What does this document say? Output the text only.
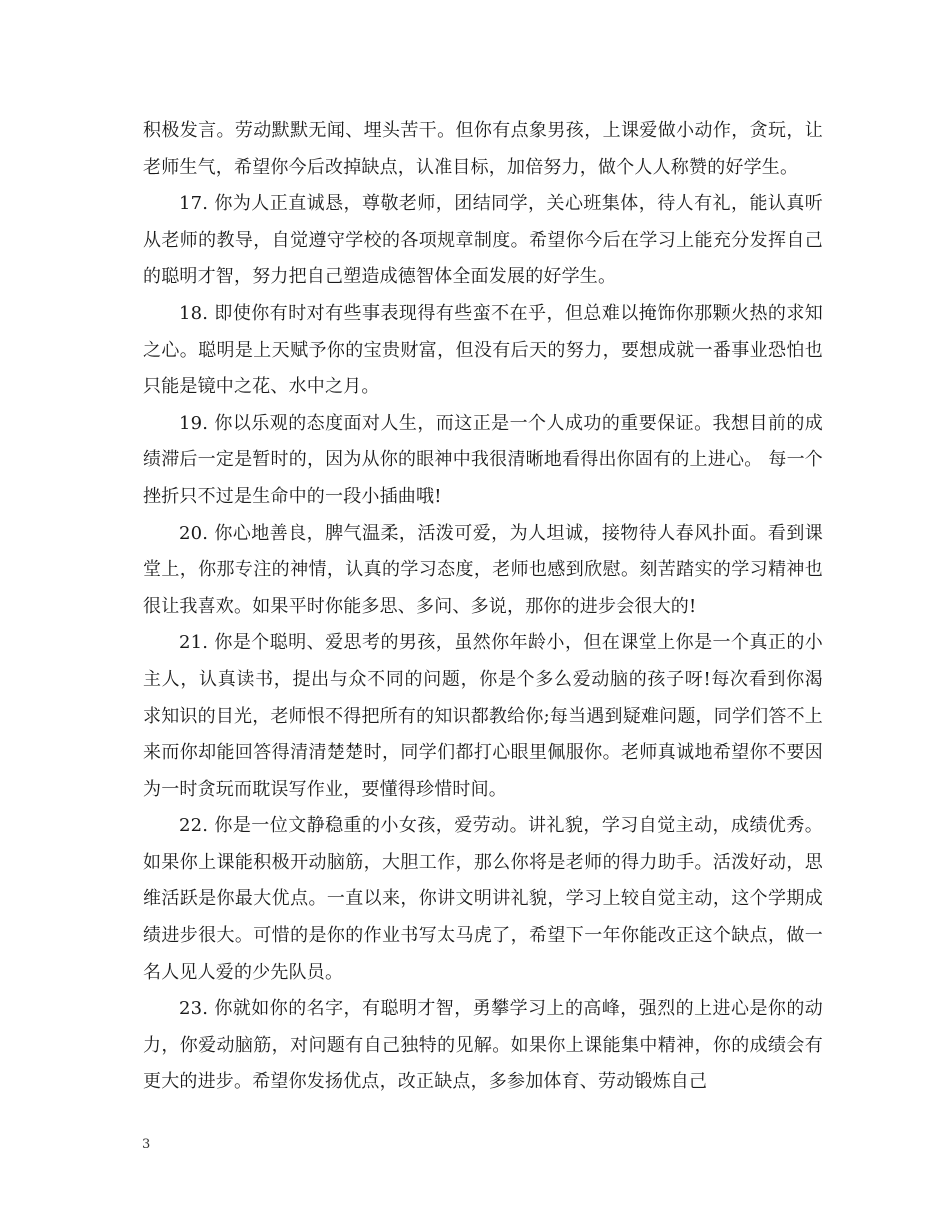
积极发言。劳动默默无闻、埋头苦干。但你有点象男孩，上课爱做小动作，贪玩，让老师生气，希望你今后改掉缺点，认准目标，加倍努力，做个人人称赞的好学生。

17. 你为人正直诚恳，尊敬老师，团结同学，关心班集体，待人有礼，能认真听从老师的教导，自觉遵守学校的各项规章制度。希望你今后在学习上能充分发挥自己的聪明才智，努力把自己塑造成德智体全面发展的好学生。

18. 即使你有时对有些事表现得有些蛮不在乎，但总难以掩饰你那颗火热的求知之心。聪明是上天赋予你的宝贵财富，但没有后天的努力，要想成就一番事业恐怕也只能是镜中之花、水中之月。

19. 你以乐观的态度面对人生，而这正是一个人成功的重要保证。我想目前的成绩滞后一定是暂时的，因为从你的眼神中我很清晰地看得出你固有的上进心。 每一个挫折只不过是生命中的一段小插曲哦!

20. 你心地善良，脾气温柔，活泼可爱，为人坦诚，接物待人春风扑面。看到课堂上，你那专注的神情，认真的学习态度，老师也感到欣慰。刻苦踏实的学习精神也很让我喜欢。如果平时你能多思、多问、多说，那你的进步会很大的!

21. 你是个聪明、爱思考的男孩，虽然你年龄小，但在课堂上你是一个真正的小主人，认真读书，提出与众不同的问题，你是个多么爱动脑的孩子呀!每次看到你渴求知识的目光，老师恨不得把所有的知识都教给你;每当遇到疑难问题，同学们答不上来而你却能回答得清清楚楚时，同学们都打心眼里佩服你。老师真诚地希望你不要因为一时贪玩而耽误写作业，要懂得珍惜时间。

22. 你是一位文静稳重的小女孩，爱劳动。讲礼貌，学习自觉主动，成绩优秀。如果你上课能积极开动脑筋，大胆工作，那么你将是老师的得力助手。活泼好动，思维活跃是你最大优点。一直以来，你讲文明讲礼貌，学习上较自觉主动，这个学期成绩进步很大。可惜的是你的作业书写太马虎了，希望下一年你能改正这个缺点，做一名人见人爱的少先队员。

23. 你就如你的名字，有聪明才智，勇攀学习上的高峰，强烈的上进心是你的动力，你爱动脑筋，对问题有自己独特的见解。如果你上课能集中精神，你的成绩会有更大的进步。希望你发扬优点，改正缺点，多参加体育、劳动锻炼自己

3
